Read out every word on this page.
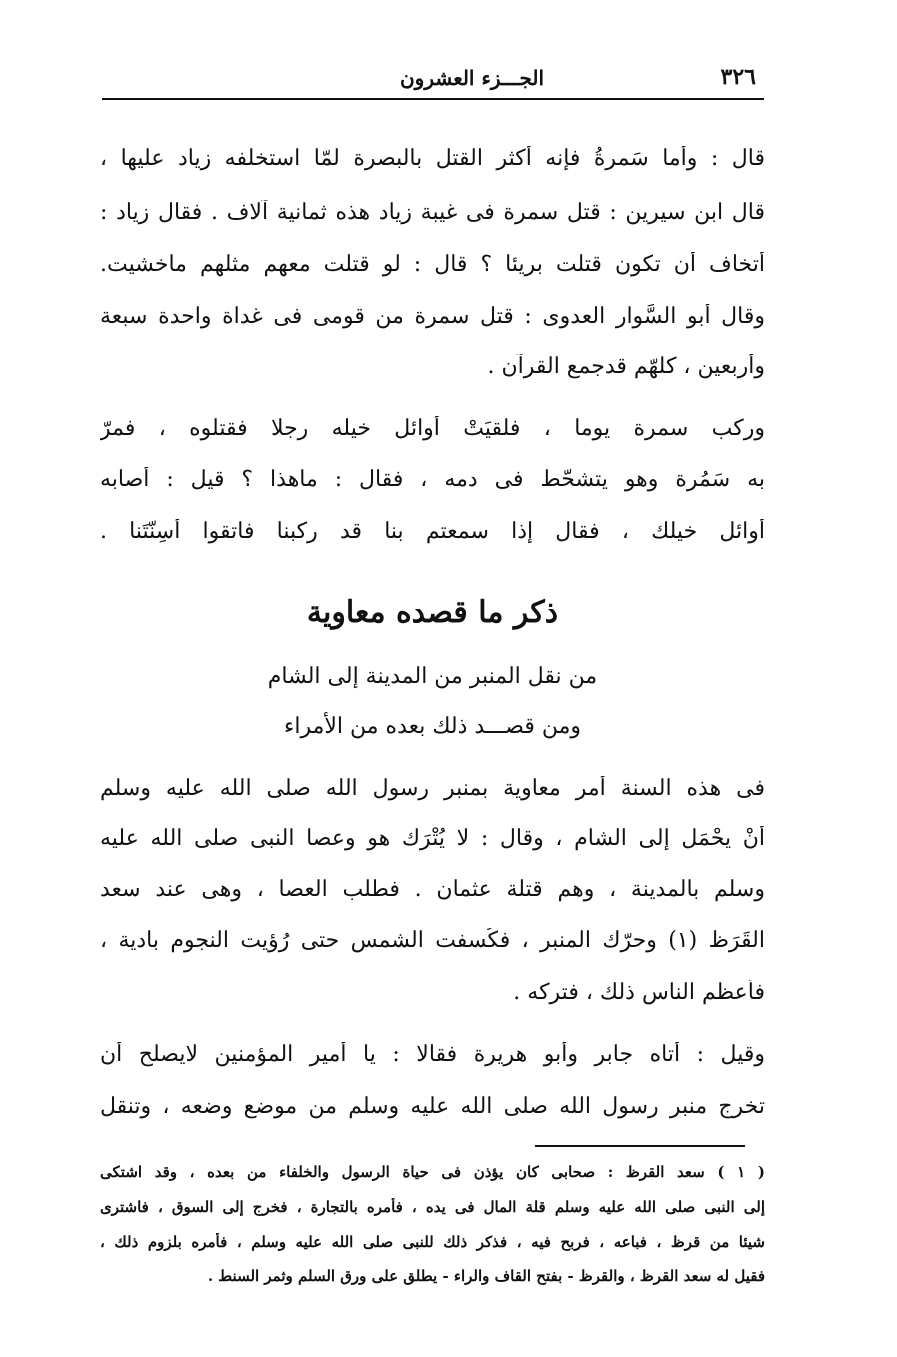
٣٢٦
الجـــزء العشرون
قال : وأما سَمرةُ فإنه أكثر القتل بالبصرة لمّا استخلفه زياد عليها ،
قال ابن سيرين : قتل سمرة فى غيبة زياد هذه ثمانية آلاف . فقال زياد :
أتخاف أن تكون قتلت بريئا ؟ قال : لو قتلت معهم مثلهم ماخشيت.
وقال أبو السَّوار العدوى : قتل سمرة من قومى فى غداة واحدة سبعة
وأربعين ، كلهّم قدجمع القرآن .
وركب سمرة يوما ، فلقيَتْ أوائل خيله رجلا فقتلوه ، فمرّ
به سَمُرة وهو يتشحّط فى دمه ، فقال : ماهذا ؟ قيل : أصابه
أوائل خيلك ، فقال إذا سمعتم بنا قد ركبنا فاتقوا أسِنّتَنا .
ذكر ما قصده معاوية
من نقل المنبر من المدينة إلى الشام
ومن قصـــد ذلك بعده من الأمراء
فى هذه السنة أمر معاوية بمنبر رسول الله صلى الله عليه وسلم
أنْ يحْمَل إلى الشام ، وقال : لا يُتْرَك هو وعصا النبى صلى الله عليه
وسلم بالمدينة ، وهم قتلة عثمان . فطلب العصا ، وهى عند سعد
القَرَظ (١) وحرّك المنبر ، فكُسفت الشمس حتى رُؤيت النجوم بادية ،
فأعظم الناس ذلك ، فتركه .
وقيل : أتاه جابر وأبو هريرة فقالا : يا أمير المؤمنين لايصلح أن
تخرج منبر رسول الله صلى الله عليه وسلم من موضع وضعه ، وتنقل
( ١ ) سعد القرظ : صحابى كان يؤذن فى حياة الرسول والخلفاء من بعده ، وقد اشتكى
إلى النبى صلى الله عليه وسلم قلة المال فى يده ، فأمره بالتجارة ، فخرج إلى السوق ، فاشترى
شيئا من قرظ ، فباعه ، فربح فيه ، فذكر ذلك للنبى صلى الله عليه وسلم ، فأمره بلزوم ذلك ،
فقيل له سعد القرظ ، والقرظ - بفتح القاف والراء - يطلق على ورق السلم وثمر السنط .
